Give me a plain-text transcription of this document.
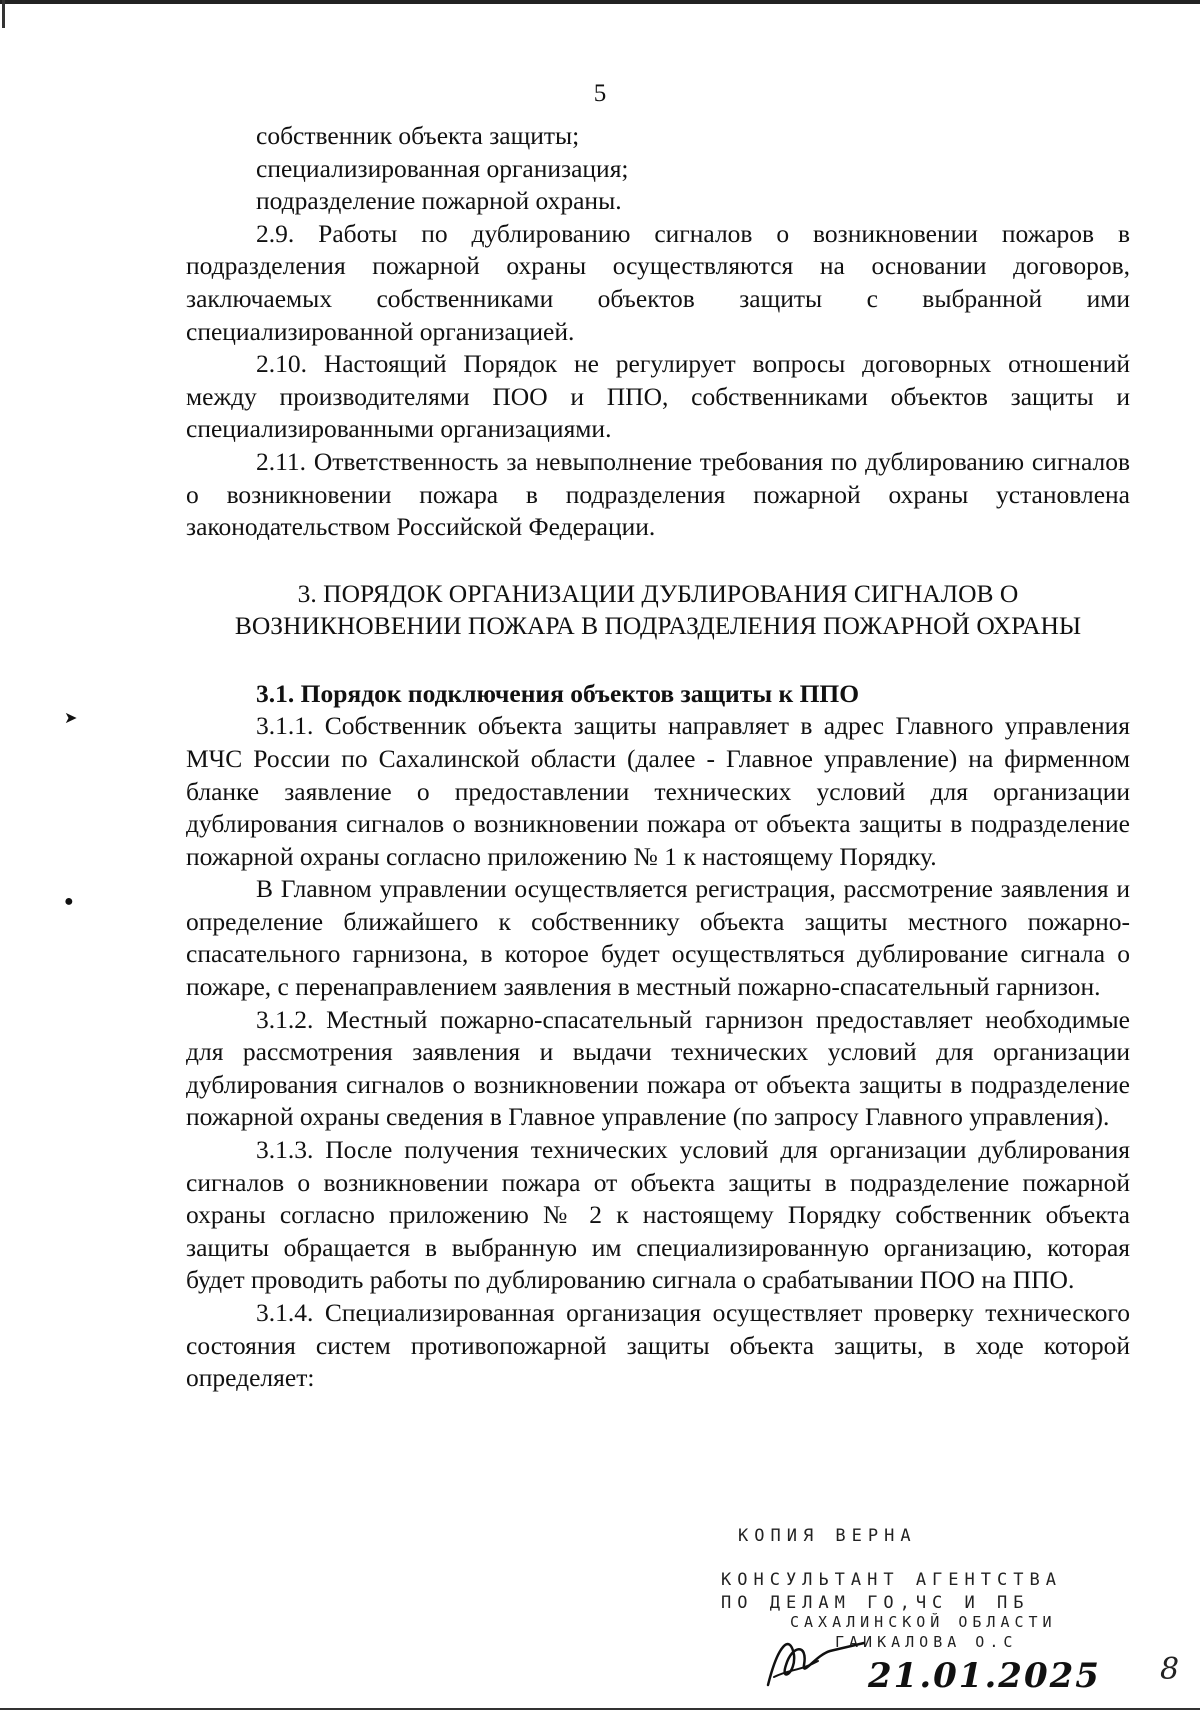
5
➤
●

собственник объекта защиты;

специализированная организация;

подразделение пожарной охраны.

2.9. Работы по дублированию сигналов о возникновении пожаров в подразделения пожарной охраны осуществляются на основании договоров, заключаемых собственниками объектов защиты с выбранной ими специализированной организацией.

2.10. Настоящий Порядок не регулирует вопросы договорных отношений между производителями ПОО и ППО, собственниками объектов защиты и специализированными организациями.

2.11. Ответственность за невыполнение требования по дублированию сигналов о возникновении пожара в подразделения пожарной охраны установлена законодательством Российской Федерации.

3. ПОРЯДОК ОРГАНИЗАЦИИ ДУБЛИРОВАНИЯ СИГНАЛОВ О ВОЗНИКНОВЕНИИ ПОЖАРА В ПОДРАЗДЕЛЕНИЯ ПОЖАРНОЙ ОХРАНЫ

3.1. Порядок подключения объектов защиты к ППО

3.1.1. Собственник объекта защиты направляет в адрес Главного управления МЧС России по Сахалинской области (далее - Главное управление) на фирменном бланке заявление о предоставлении технических условий для организации дублирования сигналов о возникновении пожара от объекта защиты в подразделение пожарной охраны согласно приложению № 1 к настоящему Порядку.

В Главном управлении осуществляется регистрация, рассмотрение заявления и определение ближайшего к собственнику объекта защиты местного пожарно-спасательного гарнизона, в которое будет осуществляться дублирование сигнала о пожаре, с перенаправлением заявления в местный пожарно-спасательный гарнизон.

3.1.2. Местный пожарно-спасательный гарнизон предоставляет необходимые для рассмотрения заявления и выдачи технических условий для организации дублирования сигналов о возникновении пожара от объекта защиты в подразделение пожарной охраны сведения в Главное управление (по запросу Главного управления).

3.1.3. После получения технических условий для организации дублирования сигналов о возникновении пожара от объекта защиты в подразделение пожарной охраны согласно приложению № 2 к настоящему Порядку собственник объекта защиты обращается в выбранную им специализированную организацию, которая будет проводить работы по дублированию сигнала о срабатывании ПОО на ППО.

3.1.4. Специализированная организация осуществляет проверку технического состояния систем противопожарной защиты объекта защиты, в ходе которой определяет:

КОПИЯ ВЕРНА
КОНСУЛЬТАНТ АГЕНТСТВА
ПО ДЕЛАМ ГО,ЧС И ПБ
САХАЛИНСКОЙ ОБЛАСТИ
ГАИКАЛОВА О.С
21.01.2025 8
